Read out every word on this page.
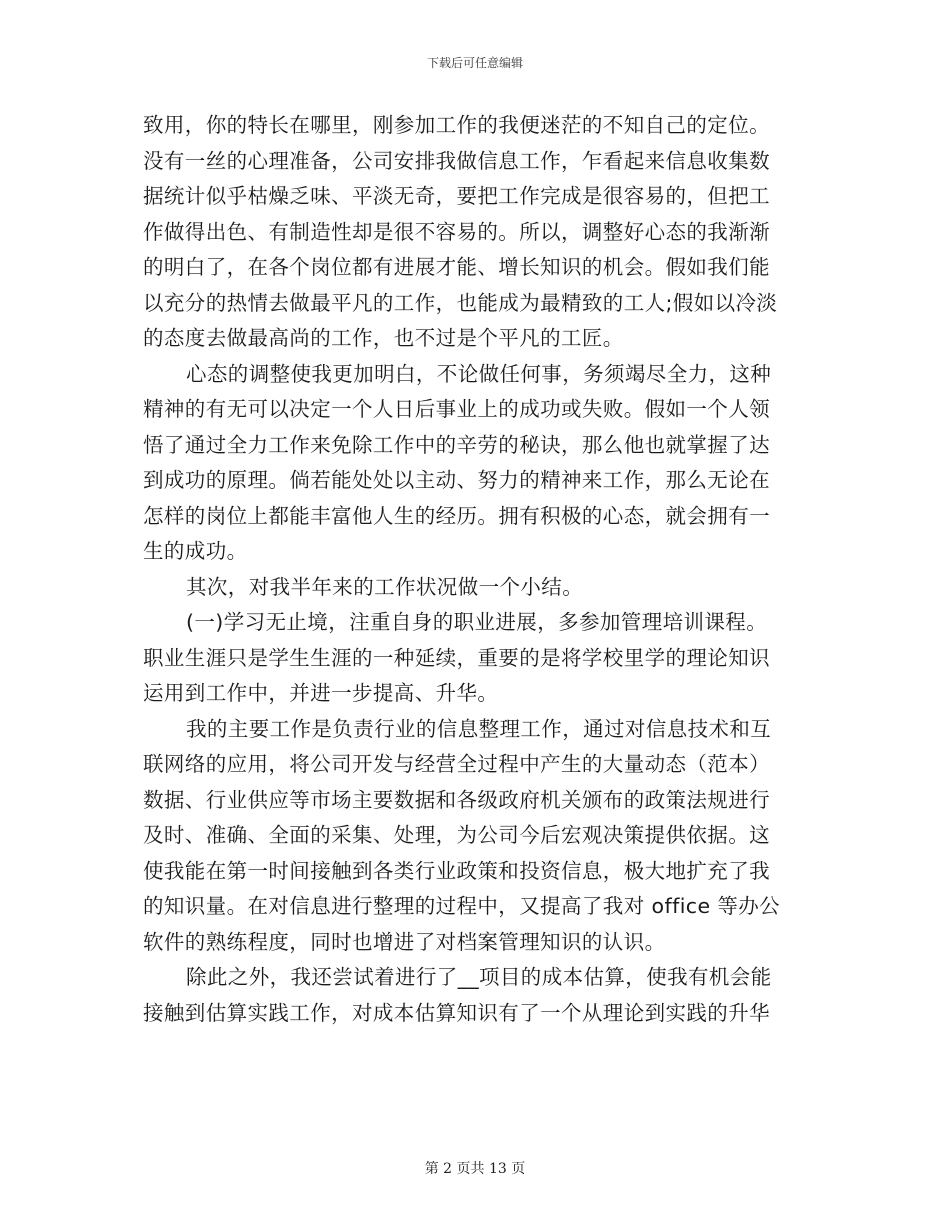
下载后可任意编辑
致用，你的特长在哪里，刚参加工作的我便迷茫的不知自己的定位。
没有一丝的心理准备，公司安排我做信息工作，乍看起来信息收集数
据统计似乎枯燥乏味、平淡无奇，要把工作完成是很容易的，但把工
作做得出色、有制造性却是很不容易的。所以，调整好心态的我渐渐
的明白了，在各个岗位都有进展才能、增长知识的机会。假如我们能
以充分的热情去做最平凡的工作，也能成为最精致的工人;假如以冷淡
的态度去做最高尚的工作，也不过是个平凡的工匠。
心态的调整使我更加明白，不论做任何事，务须竭尽全力，这种
精神的有无可以决定一个人日后事业上的成功或失败。假如一个人领
悟了通过全力工作来免除工作中的辛劳的秘诀，那么他也就掌握了达
到成功的原理。倘若能处处以主动、努力的精神来工作，那么无论在
怎样的岗位上都能丰富他人生的经历。拥有积极的心态，就会拥有一
生的成功。
其次，对我半年来的工作状况做一个小结。
(一)学习无止境，注重自身的职业进展，多参加管理培训课程。
职业生涯只是学生生涯的一种延续，重要的是将学校里学的理论知识
运用到工作中，并进一步提高、升华。
我的主要工作是负责行业的信息整理工作，通过对信息技术和互
联网络的应用，将公司开发与经营全过程中产生的大量动态（范本）
数据、行业供应等市场主要数据和各级政府机关颁布的政策法规进行
及时、准确、全面的采集、处理，为公司今后宏观决策提供依据。这
使我能在第一时间接触到各类行业政策和投资信息，极大地扩充了我
的知识量。在对信息进行整理的过程中，又提高了我对 office 等办公
软件的熟练程度，同时也增进了对档案管理知识的认识。
除此之外，我还尝试着进行了__项目的成本估算，使我有机会能
接触到估算实践工作，对成本估算知识有了一个从理论到实践的升华
第 2 页共 13 页
